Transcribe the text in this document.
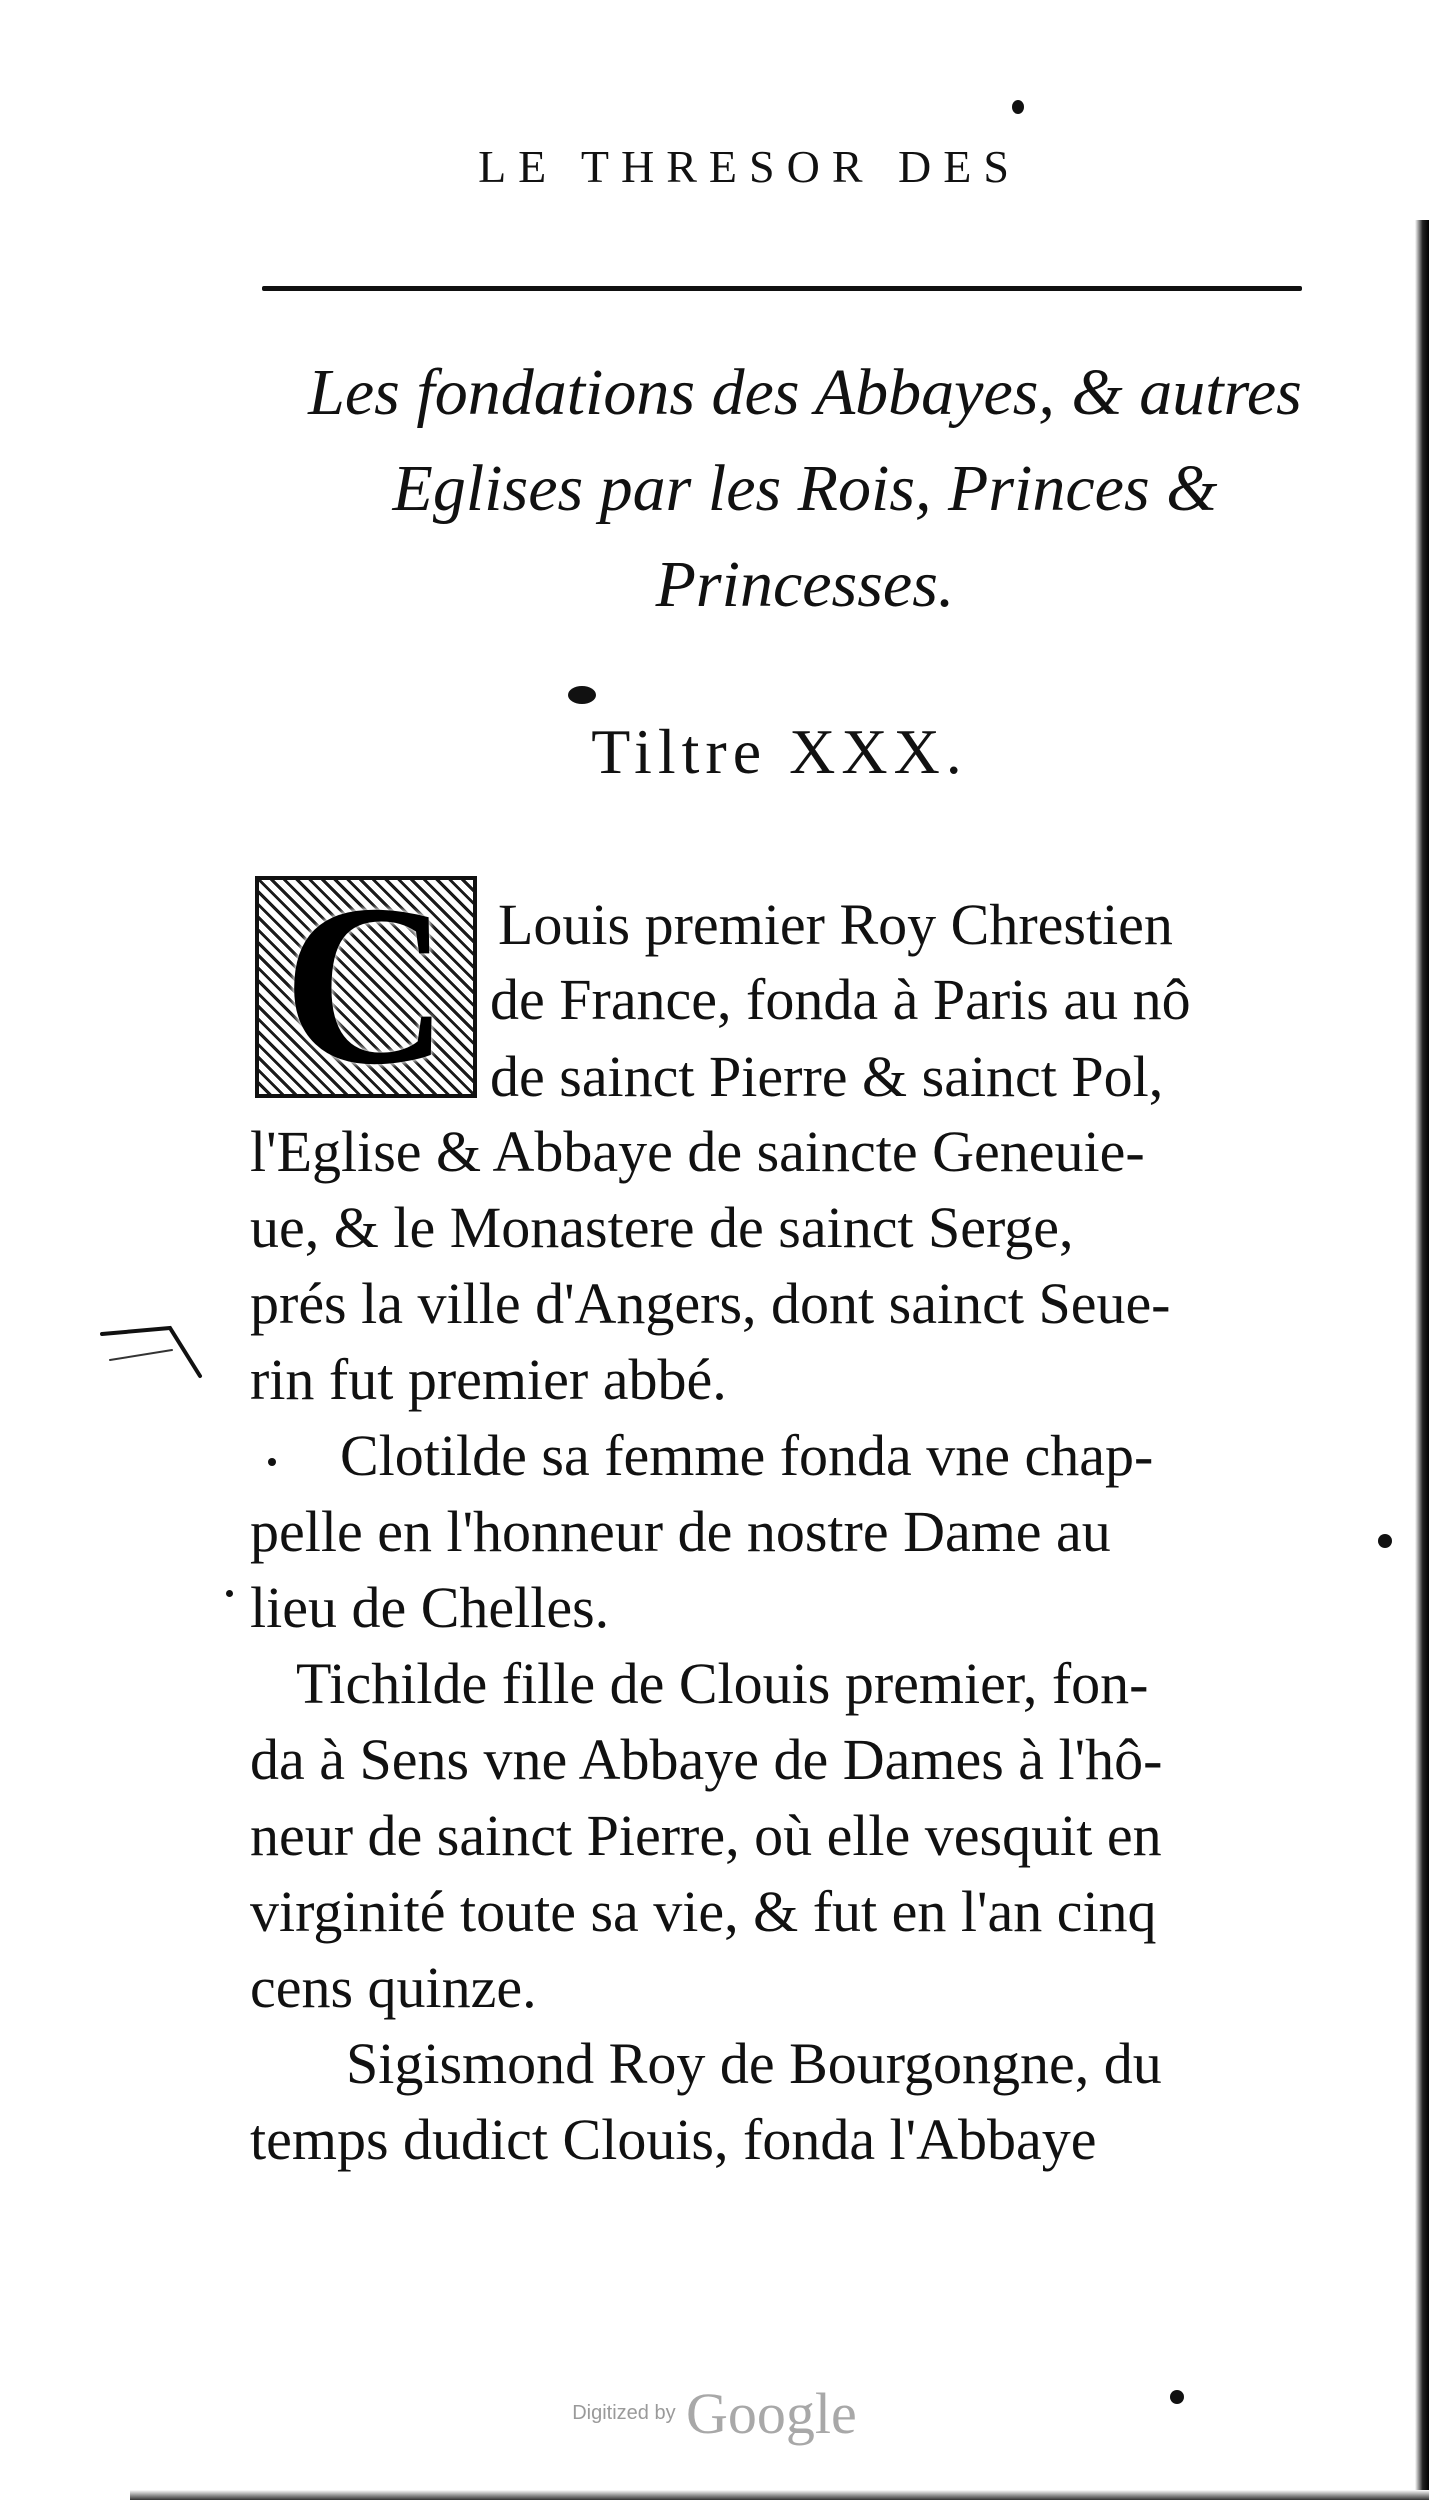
LE THRESOR DES
Les fondations des Abbayes, & autres
Eglises par les Rois, Princes &
Princesses.
Tiltre XXX.
C Louis premier Roy Chrestien
de France, fonda à Paris au nô
de sainct Pierre & sainct Pol,
l'Eglise & Abbaye de saincte Geneuie-
ue, & le Monastere de sainct Serge,
prés la ville d'Angers, dont sainct Seue-
rin fut premier abbé.
Clotilde sa femme fonda vne chap-
pelle en l'honneur de nostre Dame au
lieu de Chelles.
Tichilde fille de Clouis premier, fon-
da à Sens vne Abbaye de Dames à l'hô-
neur de sainct Pierre, où elle vesquit en
virginité toute sa vie, & fut en l'an cinq
cens quinze.
Sigismond Roy de Bourgongne, du
temps dudict Clouis, fonda l'Abbaye
Digitized by Google
